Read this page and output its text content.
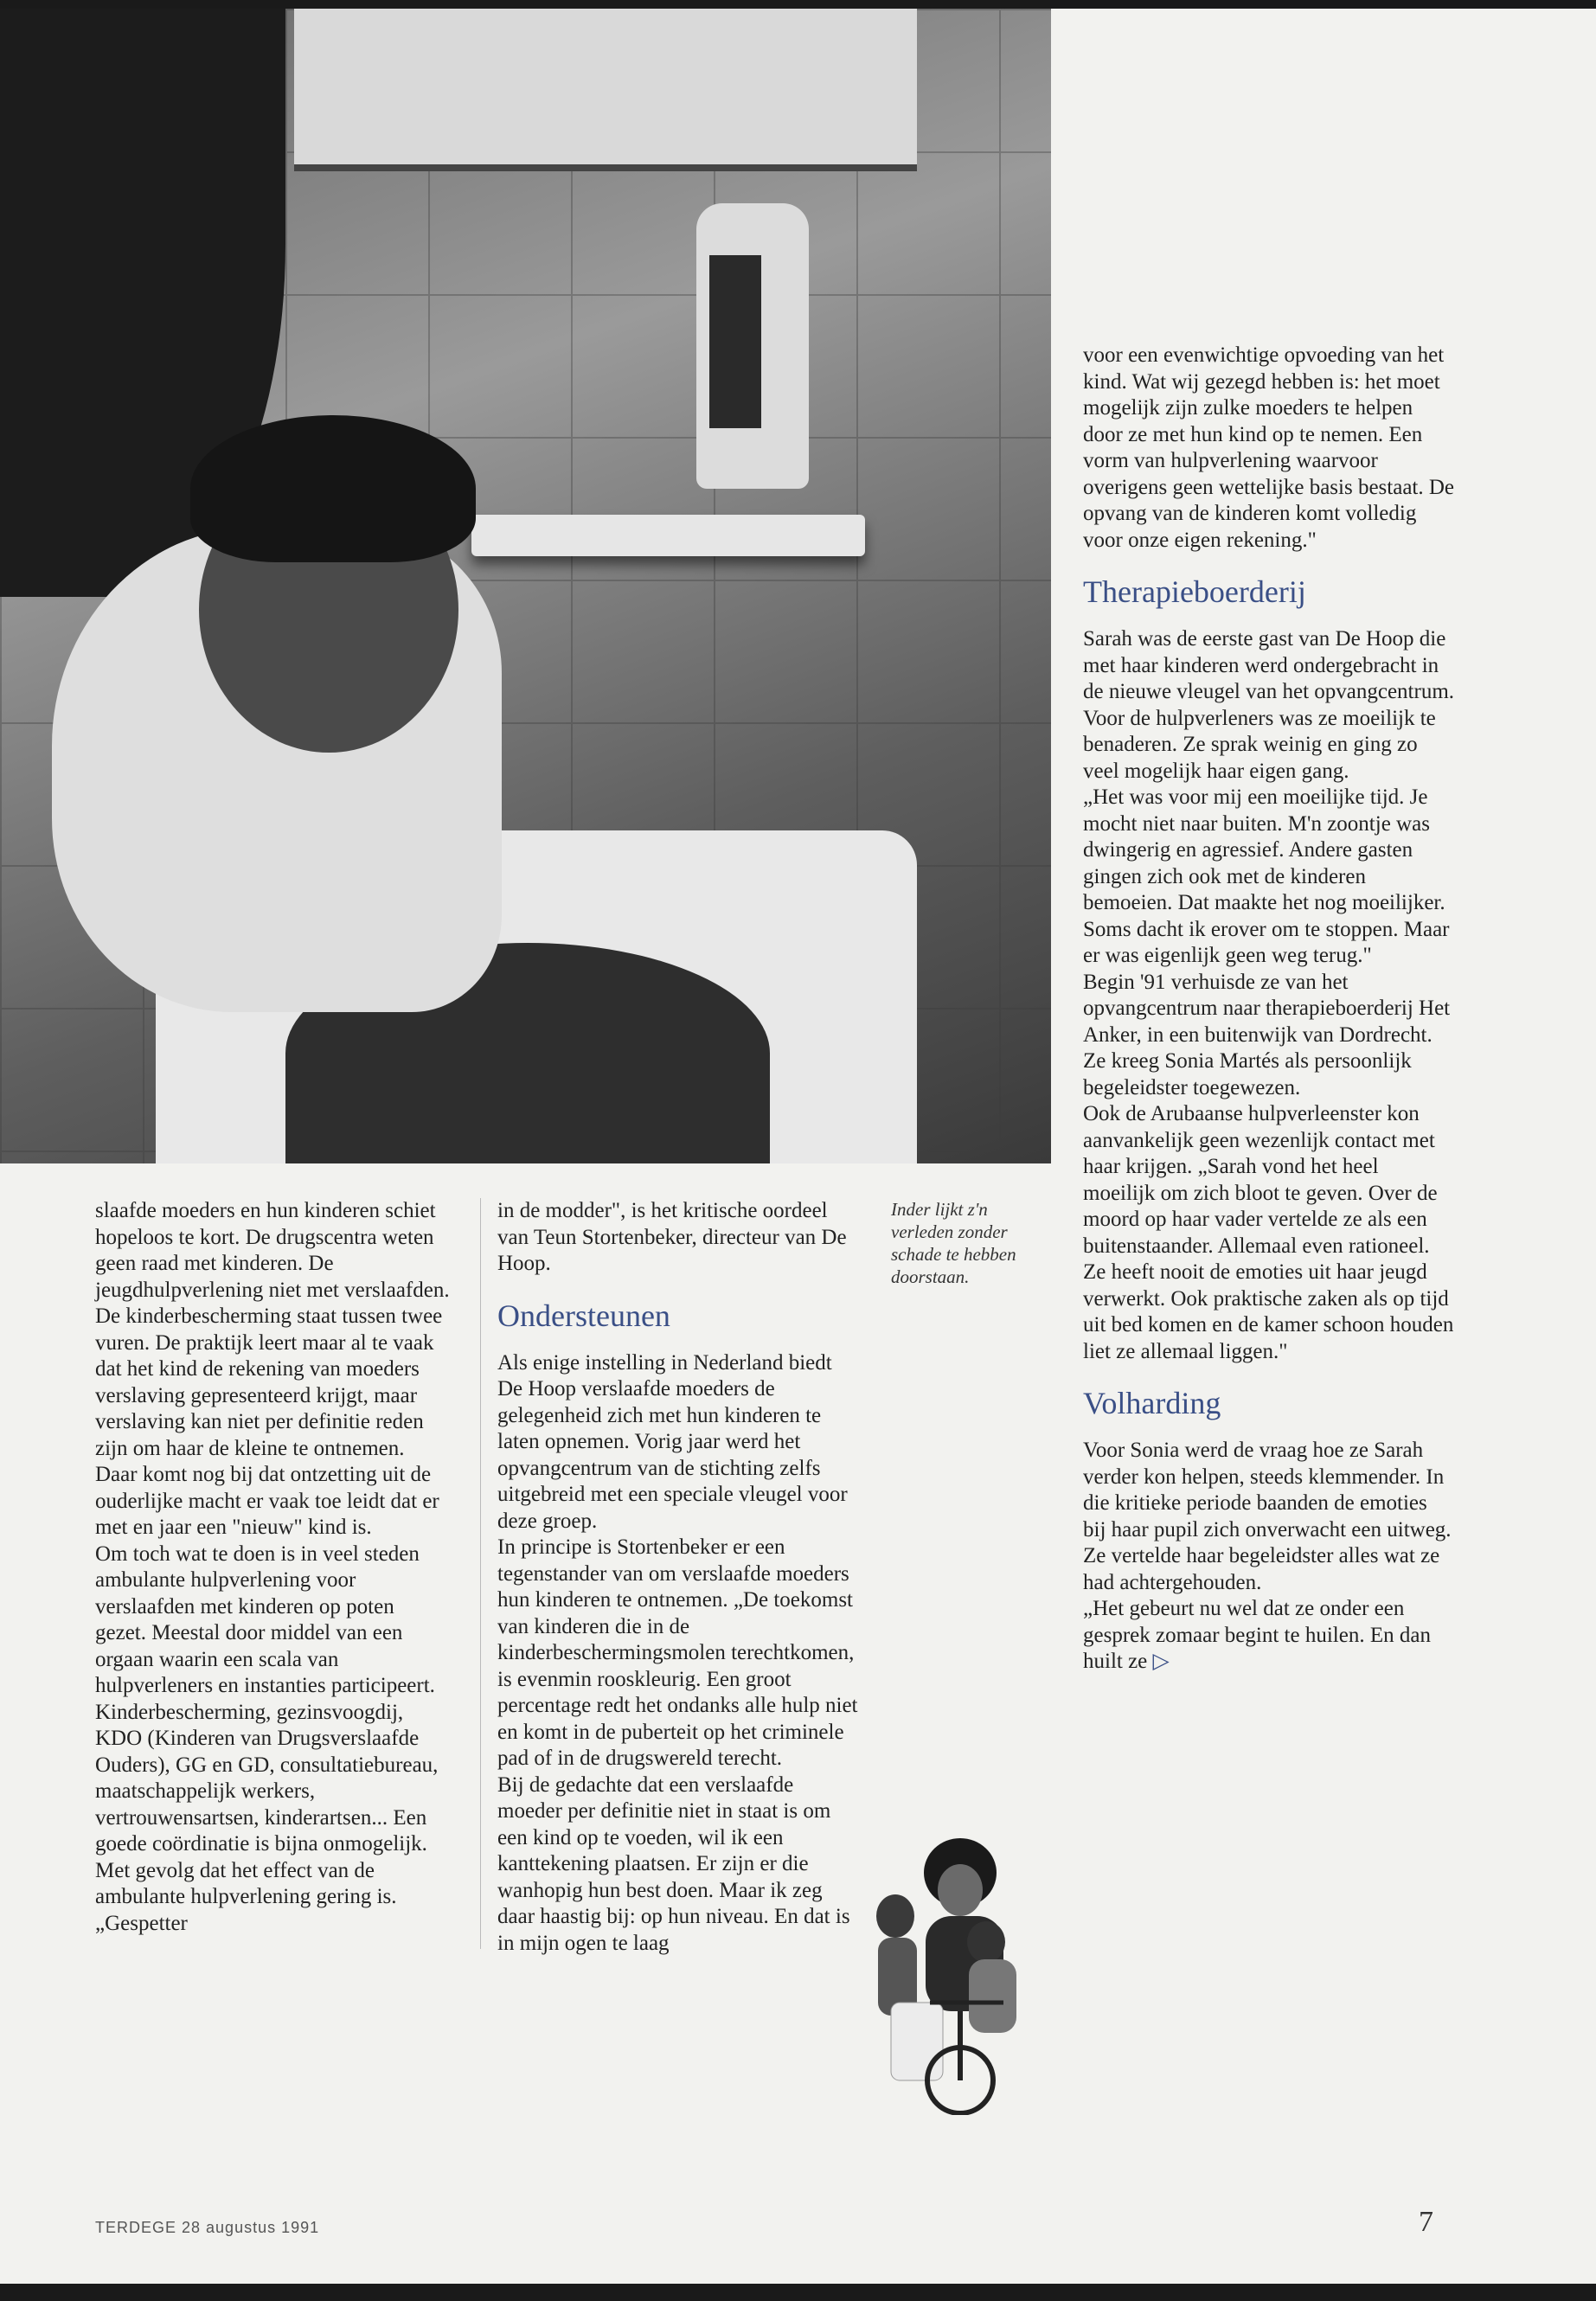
slaafde moeders en hun kinderen schiet hopeloos te kort. De drugscentra weten geen raad met kinderen. De jeugdhulpverlening niet met verslaafden. De kinderbescherming staat tussen twee vuren. De praktijk leert maar al te vaak dat het kind de rekening van moeders verslaving gepresenteerd krijgt, maar verslaving kan niet per definitie reden zijn om haar de kleine te ontnemen. Daar komt nog bij dat ontzetting uit de ouderlijke macht er vaak toe leidt dat er met en jaar een "nieuw" kind is.

Om toch wat te doen is in veel steden ambulante hulpverlening voor verslaafden met kinderen op poten gezet. Meestal door middel van een orgaan waarin een scala van hulpverleners en instanties participeert. Kinderbescherming, gezinsvoogdij, KDO (Kinderen van Drugsverslaafde Ouders), GG en GD, consultatiebureau, maatschappelijk werkers, vertrouwensartsen, kinderartsen... Een goede coördinatie is bijna onmogelijk. Met gevolg dat het effect van de ambulante hulpverlening gering is. „Gespetter

in de modder", is het kritische oordeel van Teun Stortenbeker, directeur van De Hoop.

Ondersteunen

Als enige instelling in Nederland biedt De Hoop verslaafde moeders de gelegenheid zich met hun kinderen te laten opnemen. Vorig jaar werd het opvangcentrum van de stichting zelfs uitgebreid met een speciale vleugel voor deze groep.

In principe is Stortenbeker er een tegenstander van om verslaafde moeders hun kinderen te ontnemen. „De toekomst van kinderen die in de kinderbeschermingsmolen terechtkomen, is evenmin rooskleurig. Een groot percentage redt het ondanks alle hulp niet en komt in de puberteit op het criminele pad of in de drugswereld terecht.

Bij de gedachte dat een verslaafde moeder per definitie niet in staat is om een kind op te voeden, wil ik een kanttekening plaatsen. Er zijn er die wanhopig hun best doen. Maar ik zeg daar haastig bij: op hun niveau. En dat is in mijn ogen te laag

Inder lijkt z'n verleden zonder schade te hebben doorstaan.

voor een evenwichtige opvoeding van het kind. Wat wij gezegd hebben is: het moet mogelijk zijn zulke moeders te helpen door ze met hun kind op te nemen. Een vorm van hulpverlening waarvoor overigens geen wettelijke basis bestaat. De opvang van de kinderen komt volledig voor onze eigen rekening."

Therapieboerderij

Sarah was de eerste gast van De Hoop die met haar kinderen werd ondergebracht in de nieuwe vleugel van het opvangcentrum. Voor de hulpverleners was ze moeilijk te benaderen. Ze sprak weinig en ging zo veel mogelijk haar eigen gang.

„Het was voor mij een moeilijke tijd. Je mocht niet naar buiten. M'n zoontje was dwingerig en agressief. Andere gasten gingen zich ook met de kinderen bemoeien. Dat maakte het nog moeilijker. Soms dacht ik erover om te stoppen. Maar er was eigenlijk geen weg terug."

Begin '91 verhuisde ze van het opvangcentrum naar therapieboerderij Het Anker, in een buitenwijk van Dordrecht. Ze kreeg Sonia Martés als persoonlijk begeleidster toegewezen.

Ook de Arubaanse hulpverleenster kon aanvankelijk geen wezenlijk contact met haar krijgen. „Sarah vond het heel moeilijk om zich bloot te geven. Over de moord op haar vader vertelde ze als een buitenstaander. Allemaal even rationeel. Ze heeft nooit de emoties uit haar jeugd verwerkt. Ook praktische zaken als op tijd uit bed komen en de kamer schoon houden liet ze allemaal liggen."

Volharding

Voor Sonia werd de vraag hoe ze Sarah verder kon helpen, steeds klemmender. In die kritieke periode baanden de emoties bij haar pupil zich onverwacht een uitweg. Ze vertelde haar begeleidster alles wat ze had achtergehouden.

„Het gebeurt nu wel dat ze onder een gesprek zomaar begint te huilen. En dan huilt ze ▷

TERDEGE 28 augustus 1991	7
